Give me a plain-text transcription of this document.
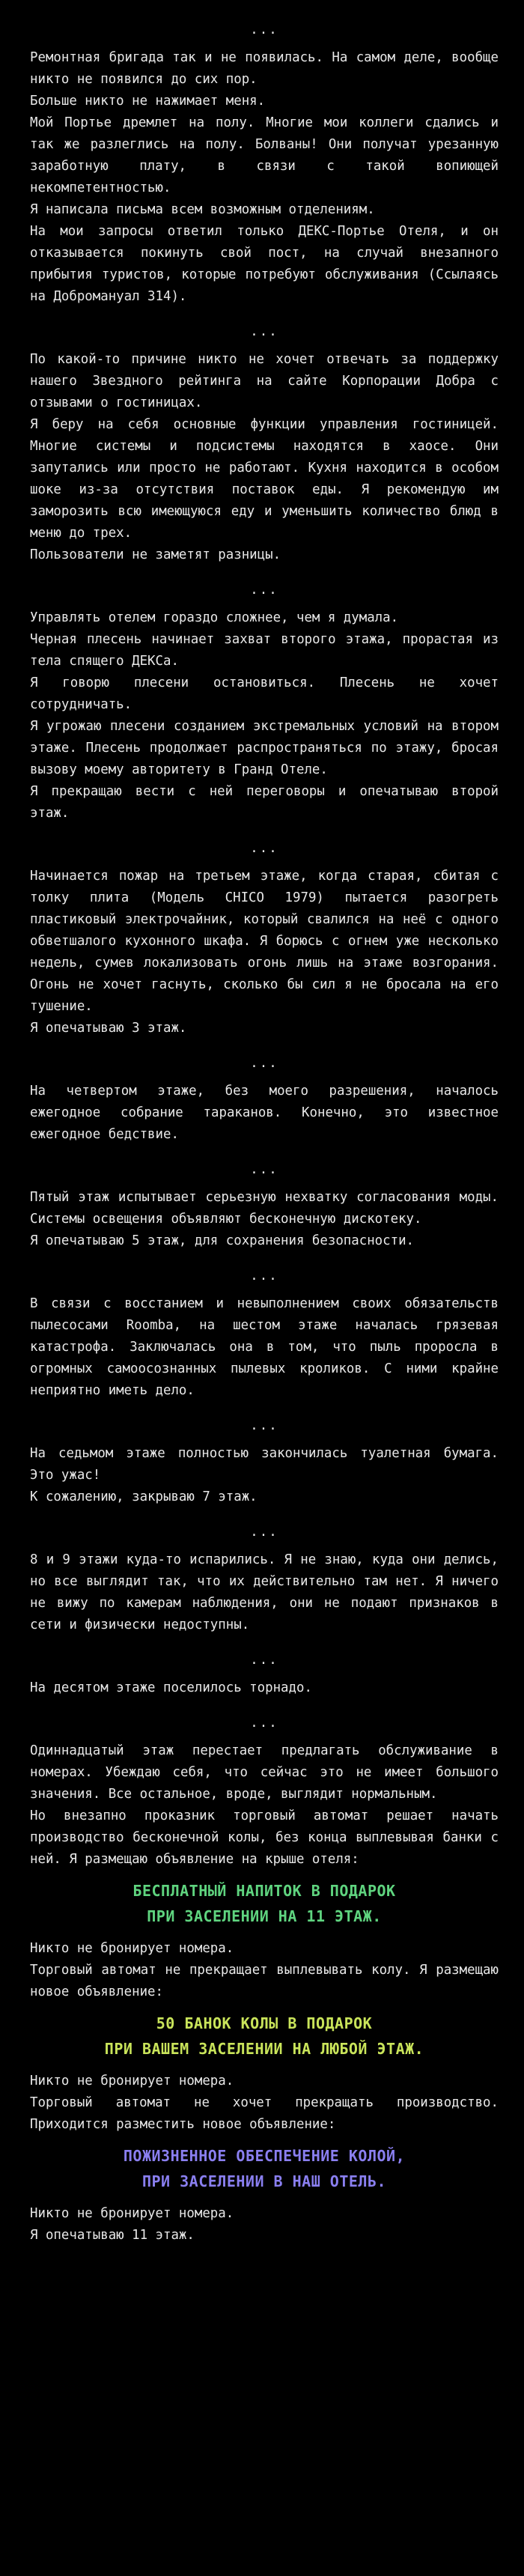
...

Ремонтная бригада так и не появилась. На самом деле, вообще никто не появился до сих пор.

Больше никто не нажимает меня.

Мой Портье дремлет на полу. Многие мои коллеги сдались и так же разлеглись на полу. Болваны! Они получат урезанную заработную плату, в связи с такой вопиющей некомпетентностью.

Я написала письма всем возможным отделениям.

На мои запросы ответил только ДЕКС-Портье Отеля, и он отказывается покинуть свой пост, на случай внезапного прибытия туристов, которые потребуют обслуживания (Ссылаясь на Добромануал 314).

...

По какой-то причине никто не хочет отвечать за поддержку нашего Звездного рейтинга на сайте Корпорации Добра с отзывами о гостиницах.

Я беру на себя основные функции управления гостиницей. Многие системы и подсистемы находятся в хаосе. Они запутались или просто не работают. Кухня находится в особом шоке из-за отсутствия поставок еды. Я рекомендую им заморозить всю имеющуюся еду и уменьшить количество блюд в меню до трех.

Пользователи не заметят разницы.

...

Управлять отелем гораздо сложнее, чем я думала.

Черная плесень начинает захват второго этажа, прорастая из тела спящего ДЕКСа.

Я говорю плесени остановиться. Плесень не хочет сотрудничать.

Я угрожаю плесени созданием экстремальных условий на втором этаже. Плесень продолжает распространяться по этажу, бросая вызову моему авторитету в Гранд Отеле.

Я прекращаю вести с ней переговоры и опечатываю второй этаж.

...

Начинается пожар на третьем этаже, когда старая, сбитая с толку плита (Модель CHICO 1979) пытается разогреть пластиковый электрочайник, который свалился на неё с одного обветшалого кухонного шкафа. Я борюсь с огнем уже несколько недель, сумев локализовать огонь лишь на этаже возгорания. Огонь не хочет гаснуть, сколько бы сил я не бросала на его тушение.

Я опечатываю 3 этаж.

...

На четвертом этаже, без моего разрешения, началось ежегодное собрание тараканов. Конечно, это известное ежегодное бедствие.

...

Пятый этаж испытывает серьезную нехватку согласования моды. Системы освещения объявляют бесконечную дискотеку.

Я опечатываю 5 этаж, для сохранения безопасности.

...

В связи с восстанием и невыполнением своих обязательств пылесосами Roomba, на шестом этаже началась грязевая катастрофа. Заключалась она в том, что пыль проросла в огромных самоосознанных пылевых кроликов. С ними крайне неприятно иметь дело.

...

На седьмом этаже полностью закончилась туалетная бумага. Это ужас!

К сожалению, закрываю 7 этаж.

...

8 и 9 этажи куда-то испарились. Я не знаю, куда они делись, но все выглядит так, что их действительно там нет. Я ничего не вижу по камерам наблюдения, они не подают признаков в сети и физически недоступны.

...

На десятом этаже поселилось торнадо.

...

Одиннадцатый этаж перестает предлагать обслуживание в номерах. Убеждаю себя, что сейчас это не имеет большого значения. Все остальное, вроде, выглядит нормальным.

Но внезапно проказник торговый автомат решает начать производство бесконечной колы, без конца выплевывая банки с ней. Я размещаю объявление на крыше отеля:

БЕСПЛАТНЫЙ НАПИТОК В ПОДАРОК
ПРИ ЗАСЕЛЕНИИ НА 11 ЭТАЖ.

Никто не бронирует номера.

Торговый автомат не прекращает выплевывать колу. Я размещаю новое объявление:

50 БАНОК КОЛЫ В ПОДАРОК
ПРИ ВАШЕМ ЗАСЕЛЕНИИ НА ЛЮБОЙ ЭТАЖ.

Никто не бронирует номера.

Торговый автомат не хочет прекращать производство. Приходится разместить новое объявление:

ПОЖИЗНЕННОЕ ОБЕСПЕЧЕНИЕ КОЛОЙ,
ПРИ ЗАСЕЛЕНИИ В НАШ ОТЕЛЬ.

Никто не бронирует номера.

Я опечатываю 11 этаж.
